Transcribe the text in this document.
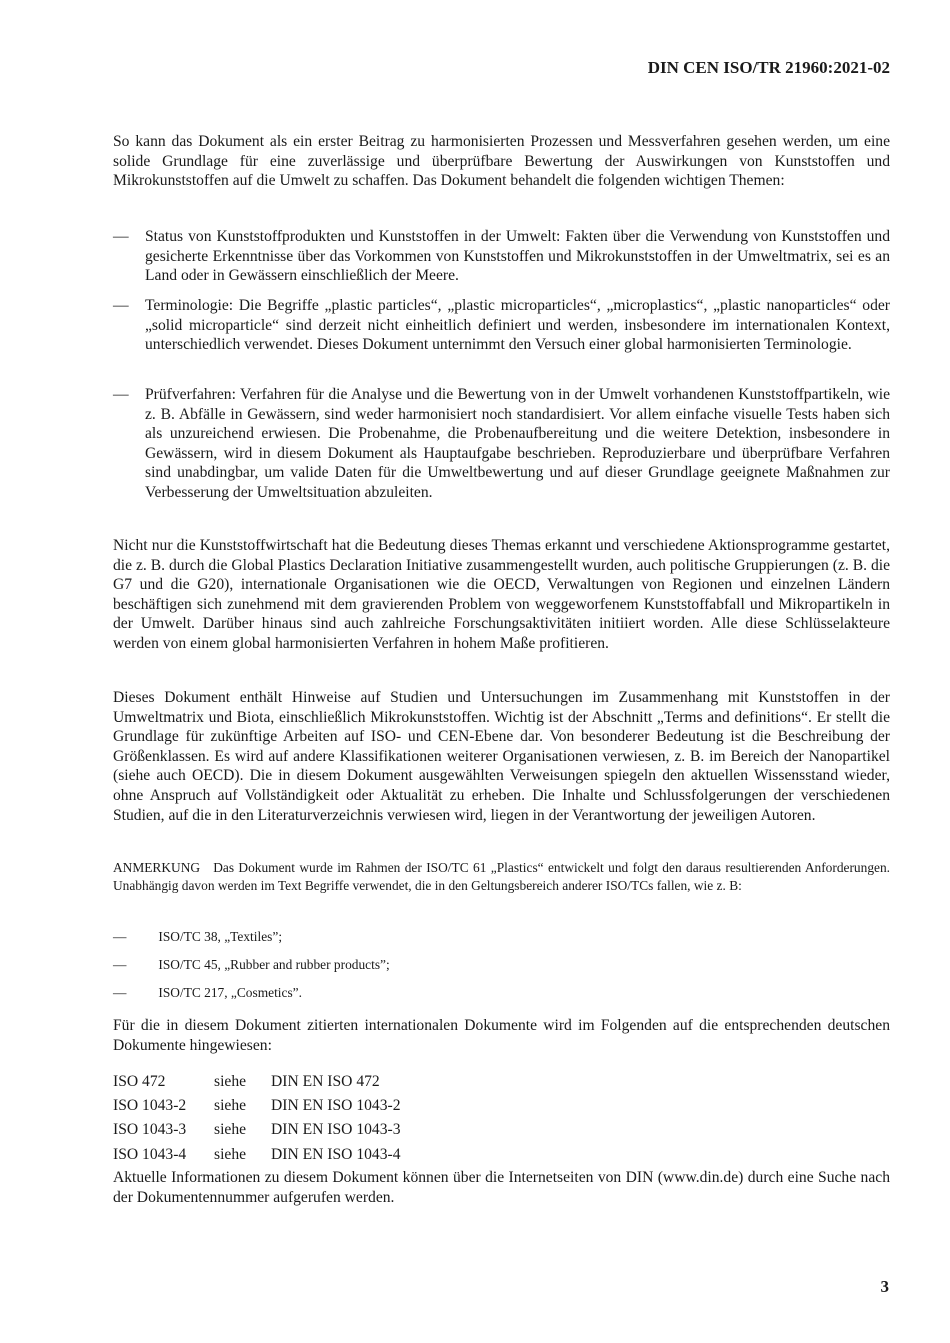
DIN CEN ISO/TR 21960:2021-02

So kann das Dokument als ein erster Beitrag zu harmonisierten Prozessen und Messverfahren gesehen werden, um eine solide Grundlage für eine zuverlässige und überprüfbare Bewertung der Auswirkungen von Kunststoffen und Mikrokunststoffen auf die Umwelt zu schaffen. Das Dokument behandelt die folgenden wichtigen Themen:

— Status von Kunststoffprodukten und Kunststoffen in der Umwelt: Fakten über die Verwendung von Kunststoffen und gesicherte Erkenntnisse über das Vorkommen von Kunststoffen und Mikrokunststoffen in der Umweltmatrix, sei es an Land oder in Gewässern einschließlich der Meere.
— Terminologie: Die Begriffe „plastic particles“, „plastic microparticles“, „microplastics“, „plastic nanoparticles“ oder „solid microparticle“ sind derzeit nicht einheitlich definiert und werden, insbesondere im internationalen Kontext, unterschiedlich verwendet. Dieses Dokument unternimmt den Versuch einer global harmonisierten Terminologie.
— Prüfverfahren: Verfahren für die Analyse und die Bewertung von in der Umwelt vorhandenen Kunststoffpartikeln, wie z. B. Abfälle in Gewässern, sind weder harmonisiert noch standardisiert. Vor allem einfache visuelle Tests haben sich als unzureichend erwiesen. Die Probenahme, die Probenaufbereitung und die weitere Detektion, insbesondere in Gewässern, wird in diesem Dokument als Hauptaufgabe beschrieben. Reproduzierbare und überprüfbare Verfahren sind unabdingbar, um valide Daten für die Umweltbewertung und auf dieser Grundlage geeignete Maßnahmen zur Verbesserung der Umweltsituation abzuleiten.

Nicht nur die Kunststoffwirtschaft hat die Bedeutung dieses Themas erkannt und verschiedene Aktionsprogramme gestartet, die z. B. durch die Global Plastics Declaration Initiative zusammengestellt wurden, auch politische Gruppierungen (z. B. die G7 und die G20), internationale Organisationen wie die OECD, Verwaltungen von Regionen und einzelnen Ländern beschäftigen sich zunehmend mit dem gravierenden Problem von weggeworfenem Kunststoffabfall und Mikropartikeln in der Umwelt. Darüber hinaus sind auch zahlreiche Forschungsaktivitäten initiiert worden. Alle diese Schlüsselakteure werden von einem global harmonisierten Verfahren in hohem Maße profitieren.

Dieses Dokument enthält Hinweise auf Studien und Untersuchungen im Zusammenhang mit Kunststoffen in der Umweltmatrix und Biota, einschließlich Mikrokunststoffen. Wichtig ist der Abschnitt „Terms and definitions“. Er stellt die Grundlage für zukünftige Arbeiten auf ISO- und CEN-Ebene dar. Von besonderer Bedeutung ist die Beschreibung der Größenklassen. Es wird auf andere Klassifikationen weiterer Organisationen verwiesen, z. B. im Bereich der Nanopartikel (siehe auch OECD). Die in diesem Dokument ausgewählten Verweisungen spiegeln den aktuellen Wissensstand wieder, ohne Anspruch auf Vollständigkeit oder Aktualität zu erheben. Die Inhalte und Schlussfolgerungen der verschiedenen Studien, auf die in den Literaturverzeichnis verwiesen wird, liegen in der Verantwortung der jeweiligen Autoren.

ANMERKUNG Das Dokument wurde im Rahmen der ISO/TC 61 „Plastics“ entwickelt und folgt den daraus resultierenden Anforderungen. Unabhängig davon werden im Text Begriffe verwendet, die in den Geltungsbereich anderer ISO/TCs fallen, wie z. B:
— ISO/TC 38, „Textiles”;
— ISO/TC 45, „Rubber and rubber products”;
— ISO/TC 217, „Cosmetics”.

Für die in diesem Dokument zitierten internationalen Dokumente wird im Folgenden auf die entsprechenden deutschen Dokumente hingewiesen:

ISO 472	siehe DIN EN ISO 472
ISO 1043-2 siehe DIN EN ISO 1043-2
ISO 1043-3 siehe DIN EN ISO 1043-3
ISO 1043-4 siehe DIN EN ISO 1043-4

Aktuelle Informationen zu diesem Dokument können über die Internetseiten von DIN (www.din.de) durch eine Suche nach der Dokumentennummer aufgerufen werden.

3
